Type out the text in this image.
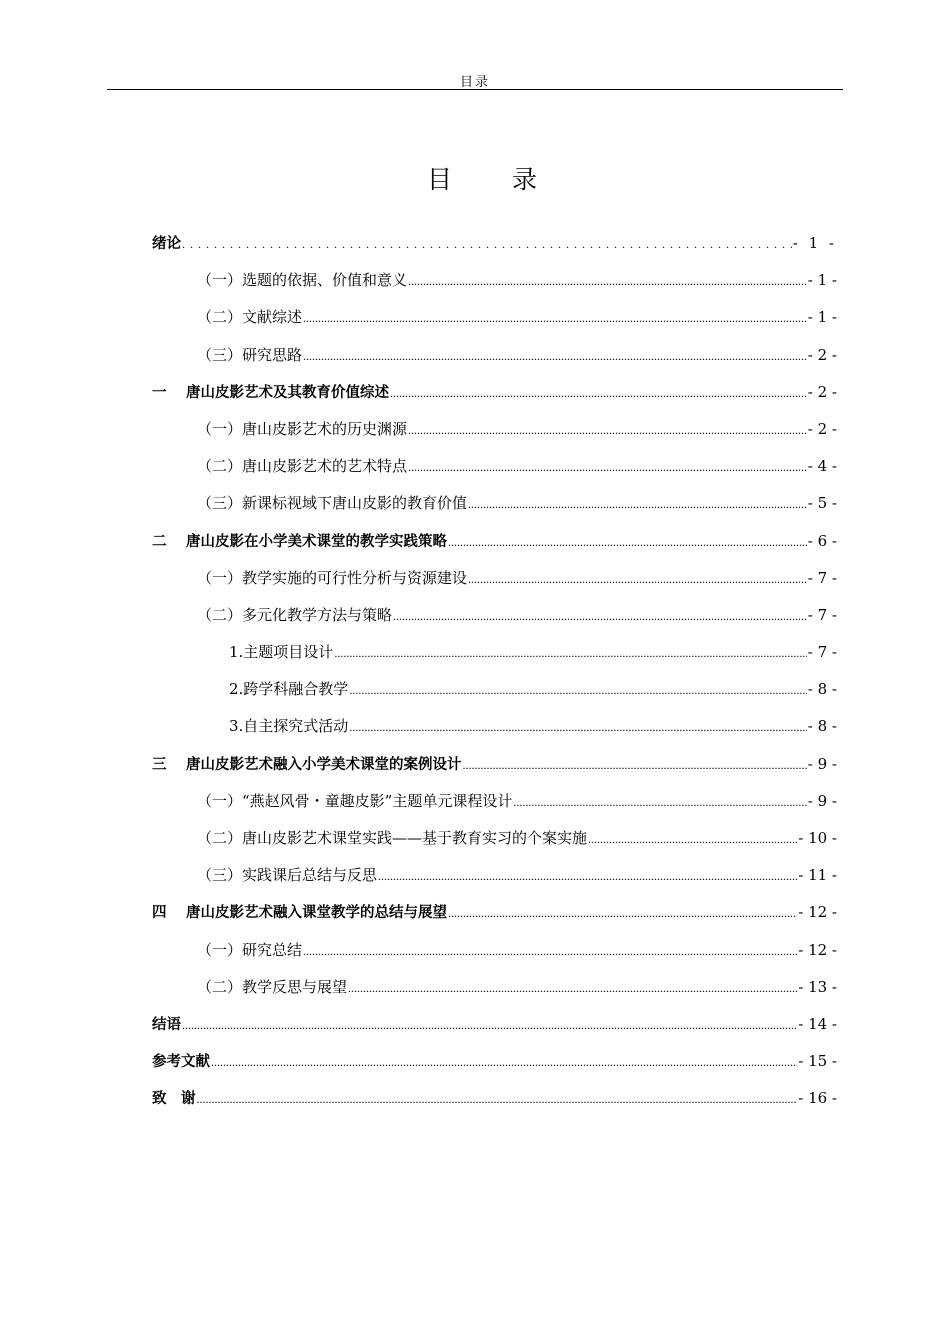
目录
目 录
绪论 .....	- 1 -
（一）选题的依据、价值和意义 .....	- 1 -
（二）文献综述 .....	- 1 -
（三）研究思路 .....	- 2 -
一 唐山皮影艺术及其教育价值综述 .....	- 2 -
（一）唐山皮影艺术的历史渊源 .....	- 2 -
（二）唐山皮影艺术的艺术特点 .....	- 4 -
（三）新课标视域下唐山皮影的教育价值 .....	- 5 -
二 唐山皮影在小学美术课堂的教学实践策略 .....	- 6 -
（一）教学实施的可行性分析与资源建设 .....	- 7 -
（二）多元化教学方法与策略 .....	- 7 -
1.主题项目设计 .....	- 7 -
2.跨学科融合教学 .....	- 8 -
3.自主探究式活动 .....	- 8 -
三 唐山皮影艺术融入小学美术课堂的案例设计 .....	- 9 -
（一）“燕赵风骨・童趣皮影”主题单元课程设计 .....	- 9 -
（二）唐山皮影艺术课堂实践——基于教育实习的个案实施 .....	- 10 -
（三）实践课后总结与反思 .....	- 11 -
四 唐山皮影艺术融入课堂教学的总结与展望 .....	- 12 -
（一）研究总结 .....	- 12 -
（二）教学反思与展望 .....	- 13 -
结语 .....	- 14 -
参考文献 .....	- 15 -
致　谢 .....	- 16 -
